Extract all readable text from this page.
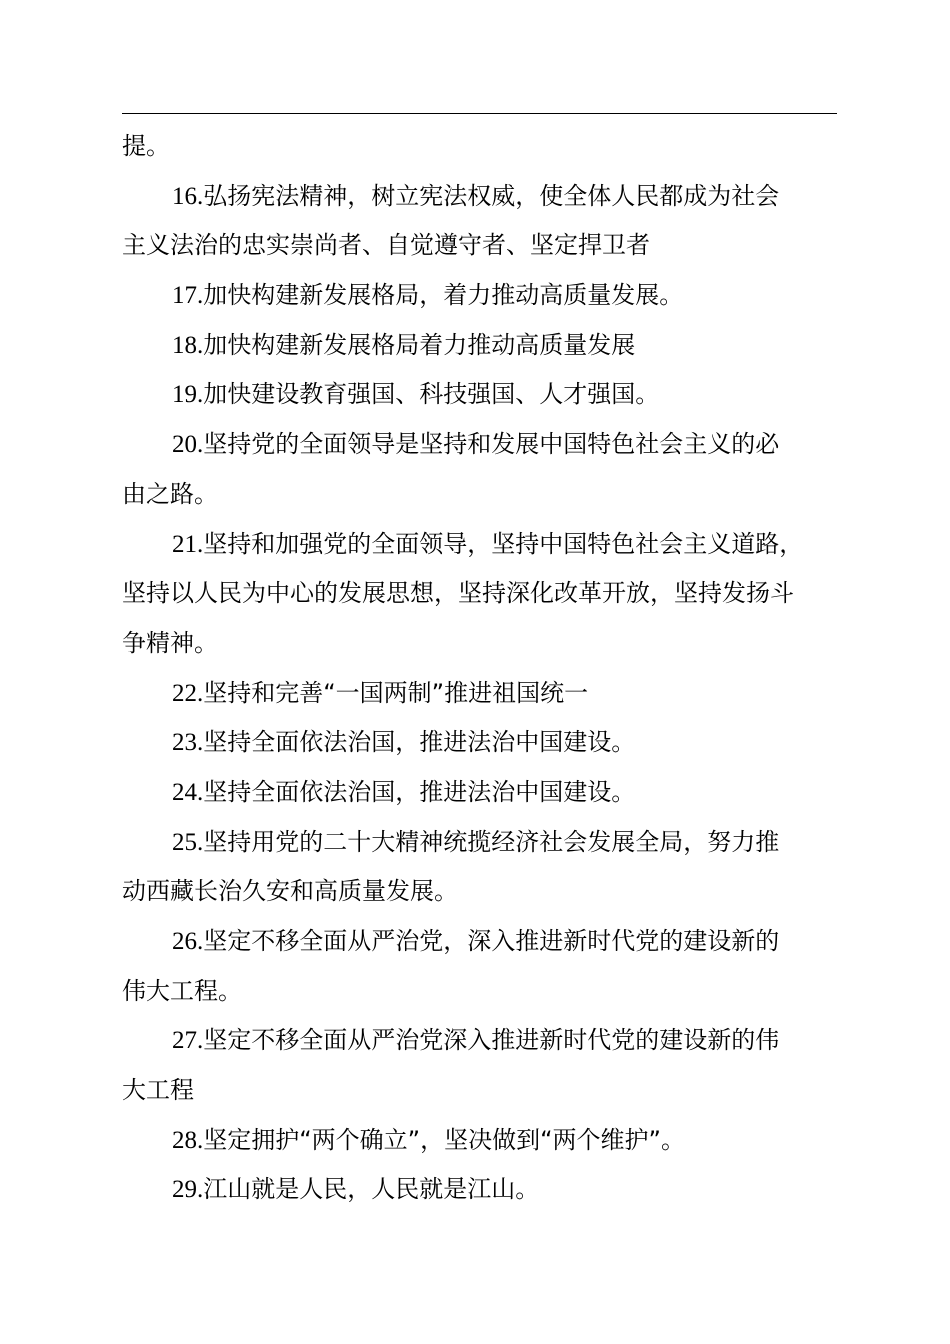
提。
16.弘扬宪法精神，树立宪法权威，使全体人民都成为社会
主义法治的忠实崇尚者、自觉遵守者、坚定捍卫者
17.加快构建新发展格局，着力推动高质量发展。
18.加快构建新发展格局着力推动高质量发展
19.加快建设教育强国、科技强国、人才强国。
20.坚持党的全面领导是坚持和发展中国特色社会主义的必
由之路。
21.坚持和加强党的全面领导，坚持中国特色社会主义道路，
坚持以人民为中心的发展思想，坚持深化改革开放，坚持发扬斗
争精神。
22.坚持和完善“一国两制”推进祖国统一
23.坚持全面依法治国，推进法治中国建设。
24.坚持全面依法治国，推进法治中国建设。
25.坚持用党的二十大精神统揽经济社会发展全局，努力推
动西藏长治久安和高质量发展。
26.坚定不移全面从严治党，深入推进新时代党的建设新的
伟大工程。
27.坚定不移全面从严治党深入推进新时代党的建设新的伟
大工程
28.坚定拥护“两个确立”，坚决做到“两个维护”。
29.江山就是人民，人民就是江山。
